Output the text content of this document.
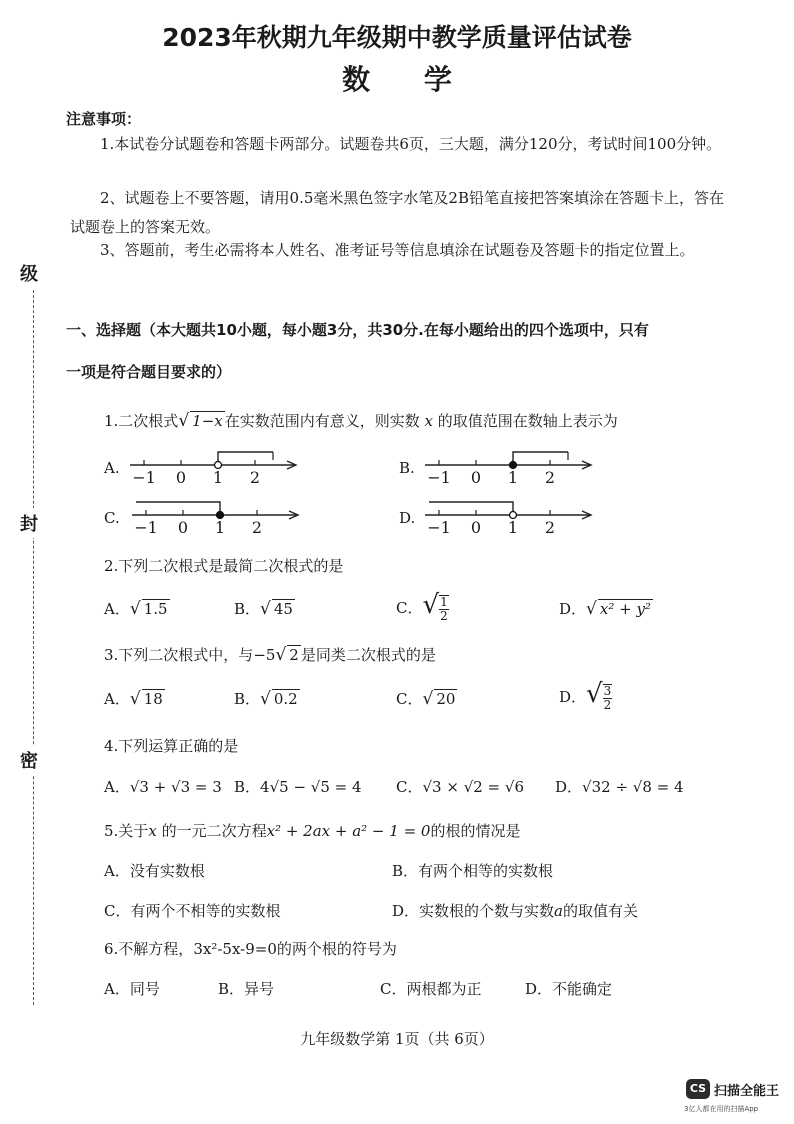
级
封
密
2023年秋期九年级期中教学质量评估试卷
数 学
注意事项：
1.本试卷分试题卷和答题卡两部分。试题卷共6页，三大题，满分120分，考试时间100分钟。
2、试题卷上不要答题，请用0.5毫米黑色签字水笔及2B铅笔直接把答案填涂在答题卡上，答在试题卷上的答案无效。
3、答题前，考生必需将本人姓名、准考证号等信息填涂在试题卷及答题卡的指定位置上。
一、选择题（本大题共10小题，每小题3分，共30分.在每小题给出的四个选项中，只有
一项是符合题目要求的）
1.二次根式√ 1−x 在实数范围内有意义，则实数 x 的取值范围在数轴上表示为
A.	B.
C.	D.
−1 0 1 2	−1 0 1 2
−1 0 1 2	−1 0 1 2
2.下列二次根式是最简二次根式的是
A．√ 1.5	B．√ 45	C．√ $\frac{1}{2}$	D．√ x² + y²
3.下列二次根式中，与−5√ 2 是同类二次根式的是
A．√ 18	B．√ 0.2	C．√ 20	D．√ $\frac{3}{2}$
4.下列运算正确的是
A．√3 + √3 = 3 B．4√5 − √5 = 4 C．√3 × √2 = √6 D．√32 ÷ √8 = 4
5.关于x 的一元二次方程x² + 2ax + a² − 1 = 0的根的情况是
A．没有实数根	B．有两个相等的实数根
C．有两个不相等的实数根	D．实数根的个数与实数a的取值有关
6.不解方程，3x²-5x-9=0的两个根的符号为
A．同号	B．异号	C．两根都为正	D．不能确定
九年级数学第 1页（共 6页）
CS 扫描全能王
3亿人都在用的扫描App
